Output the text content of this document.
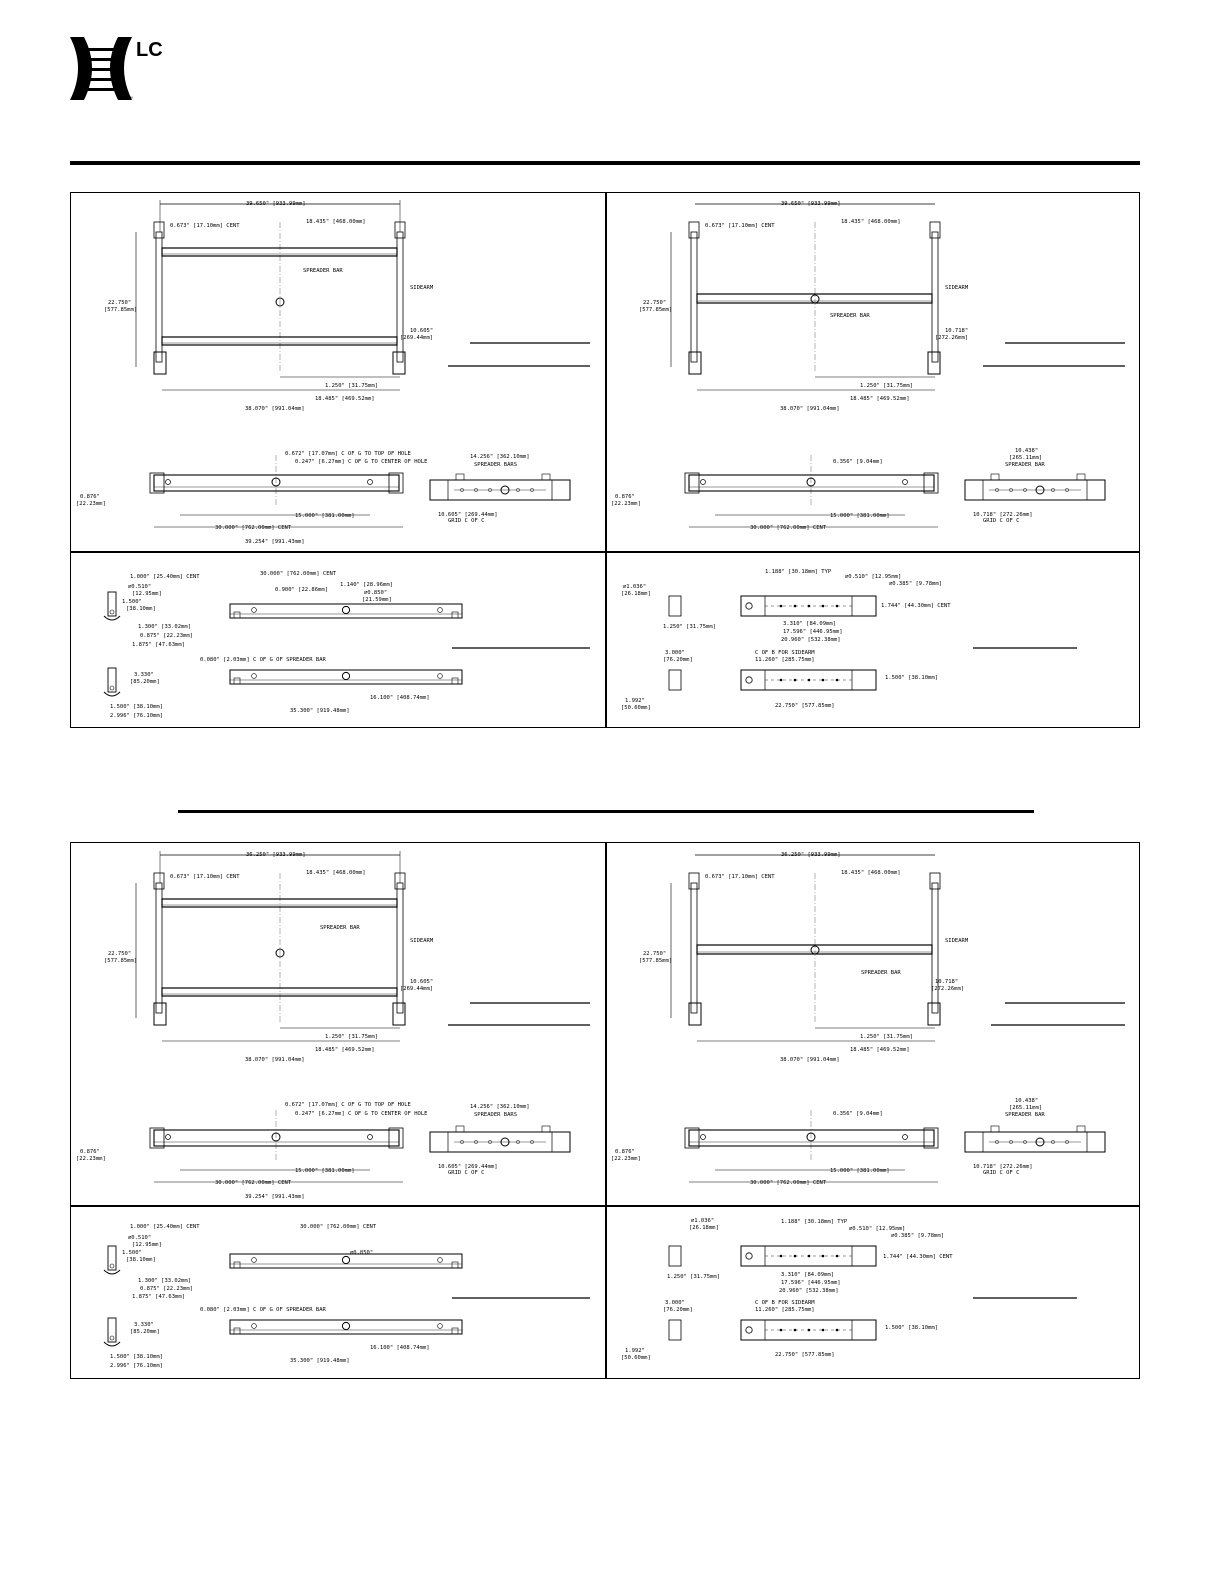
LC
™
39.650" [933.99mm]
0.673" [17.10mm] CENT
18.435" [468.00mm]
SPREADER BAR
SIDEARM
22.750"
[577.85mm]
10.605"
[269.44mm]
1.250" [31.75mm]
18.485" [469.52mm]
38.070" [991.04mm]
0.672" [17.07mm] C OF G TO TOP OF HOLE
0.247" [6.27mm] C OF G TO CENTER OF HOLE
0.876"
[22.23mm]
15.000" [381.00mm]
30.000" [762.00mm] CENT
39.254" [991.43mm]
14.256" [362.10mm]
SPREADER BARS
10.605" [269.44mm]
GRID C OF C
39.650" [933.99mm]
0.673" [17.10mm] CENT
18.435" [468.00mm]
SIDEARM
SPREADER BAR
22.750"
[577.85mm]
10.718"
[272.26mm]
1.250" [31.75mm]
18.485" [469.52mm]
38.070" [991.04mm]
0.356" [9.04mm]
0.876"
[22.23mm]
15.000" [381.00mm]
30.000" [762.00mm] CENT
10.438"
[265.11mm]
SPREADER BAR
10.718" [272.26mm]
GRID C OF C
1.000" [25.40mm] CENT
⌀0.510"
[12.95mm]
1.500"
[38.10mm]
1.300" [33.02mm]
0.875" [22.23mm]
1.875" [47.63mm]
30.000" [762.00mm] CENT
0.900" [22.86mm]
1.140" [28.96mm]
⌀0.850"
[21.59mm]
0.080" [2.03mm] C OF G OF SPREADER BAR
3.330"
[85.20mm]
1.500" [38.10mm]
2.996" [76.10mm]
16.100" [408.74mm]
35.300" [919.48mm]
⌀1.036"
[26.18mm]
1.250" [31.75mm]
1.188" [30.18mm] TYP
⌀0.510" [12.95mm]
⌀0.385" [9.78mm]
1.744" [44.30mm] CENT
3.310" [84.09mm]
17.596" [446.95mm]
20.960" [532.38mm]
3.000"
[76.20mm]
C OF B FOR SIDEARM
11.260" [285.75mm]
1.500" [38.10mm]
1.992"
[50.60mm]	22.750" [577.85mm]
36.250" [933.99mm]
0.673" [17.10mm] CENT
18.435" [468.00mm]
SPREADER BAR
SIDEARM
22.750"
[577.85mm]
10.605"
[269.44mm]
1.250" [31.75mm]
18.485" [469.52mm]
38.070" [991.04mm]
0.672" [17.07mm] C OF G TO TOP OF HOLE
0.247" [6.27mm] C OF G TO CENTER OF HOLE
0.876"
[22.23mm]
15.000" [381.00mm]
30.000" [762.00mm] CENT
39.254" [991.43mm]
14.256" [362.10mm]
SPREADER BARS
10.605" [269.44mm]
GRID C OF C
36.250" [933.99mm]
0.673" [17.10mm] CENT
18.435" [468.00mm]
SIDEARM
SPREADER BAR
22.750"
[577.85mm]
10.718"
[272.26mm]
1.250" [31.75mm]
18.485" [469.52mm]
38.070" [991.04mm]
0.356" [9.04mm]
0.876"
[22.23mm]
15.000" [381.00mm]
30.000" [762.00mm] CENT
10.438"
[265.11mm]
SPREADER BAR
10.718" [272.26mm]
GRID C OF C
1.000" [25.40mm] CENT
⌀0.510"
[12.95mm]
1.500"
[38.10mm]
1.300" [33.02mm]
0.875" [22.23mm]
1.875" [47.63mm]
30.000" [762.00mm] CENT
⌀0.850"
0.080" [2.03mm] C OF G OF SPREADER BAR
3.330"
[85.20mm]
1.500" [38.10mm]
2.996" [76.10mm]
16.100" [408.74mm]
35.300" [919.48mm]
⌀1.036"
[26.18mm]
1.250" [31.75mm]
1.188" [30.18mm] TYP
⌀0.510" [12.95mm]
⌀0.385" [9.78mm]
1.744" [44.30mm] CENT
3.310" [84.09mm]
17.596" [446.95mm]
20.960" [532.38mm]
3.000"
[76.20mm]
C OF B FOR SIDEARM
11.260" [285.75mm]
1.500" [38.10mm]
1.992"
[50.60mm]	22.750" [577.85mm]
